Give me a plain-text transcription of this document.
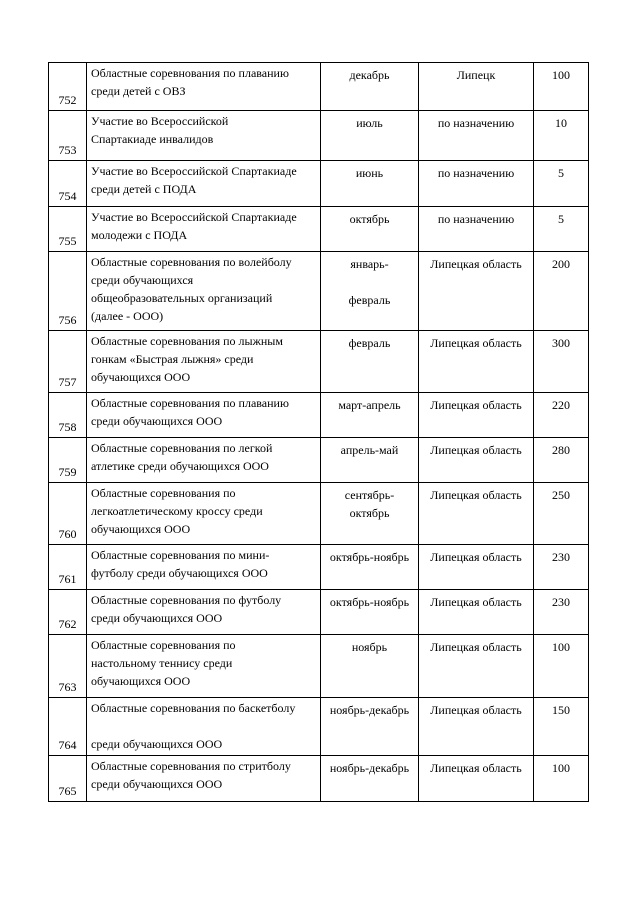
752	Областные соревнования по плаванию
среди детей с ОВЗ	декабрь	Липецк	100
753	Участие во Всероссийской
Спартакиаде инвалидов	июль	по назначению	10
754	Участие во Всероссийской Спартакиаде
среди детей с ПОДА	июнь	по назначению	5
755	Участие во Всероссийской Спартакиаде
молодежи с ПОДА	октябрь	по назначению	5
756	Областные соревнования по волейболу
среди обучающихся
общеобразовательных организаций
(далее - ООО)	январь-

февраль	Липецкая область	200
757	Областные соревнования по лыжным
гонкам «Быстрая лыжня» среди
обучающихся ООО	февраль	Липецкая область	300
758	Областные соревнования по плаванию
среди обучающихся ООО	март-апрель	Липецкая область	220
759	Областные соревнования по легкой
атлетике среди обучающихся ООО	апрель-май	Липецкая область	280
760	Областные соревнования по
легкоатлетическому кроссу среди
обучающихся ООО	сентябрь-
октябрь	Липецкая область	250
761	Областные соревнования по мини-
футболу среди обучающихся ООО	октябрь-ноябрь	Липецкая область	230
762	Областные соревнования по футболу
среди обучающихся ООО	октябрь-ноябрь	Липецкая область	230
763	Областные соревнования по
настольному теннису среди
обучающихся ООО	ноябрь	Липецкая область	100
764	Областные соревнования по баскетболу

среди обучающихся ООО	ноябрь-декабрь	Липецкая область	150
765	Областные соревнования по стритболу
среди обучающихся ООО	ноябрь-декабрь	Липецкая область	100
